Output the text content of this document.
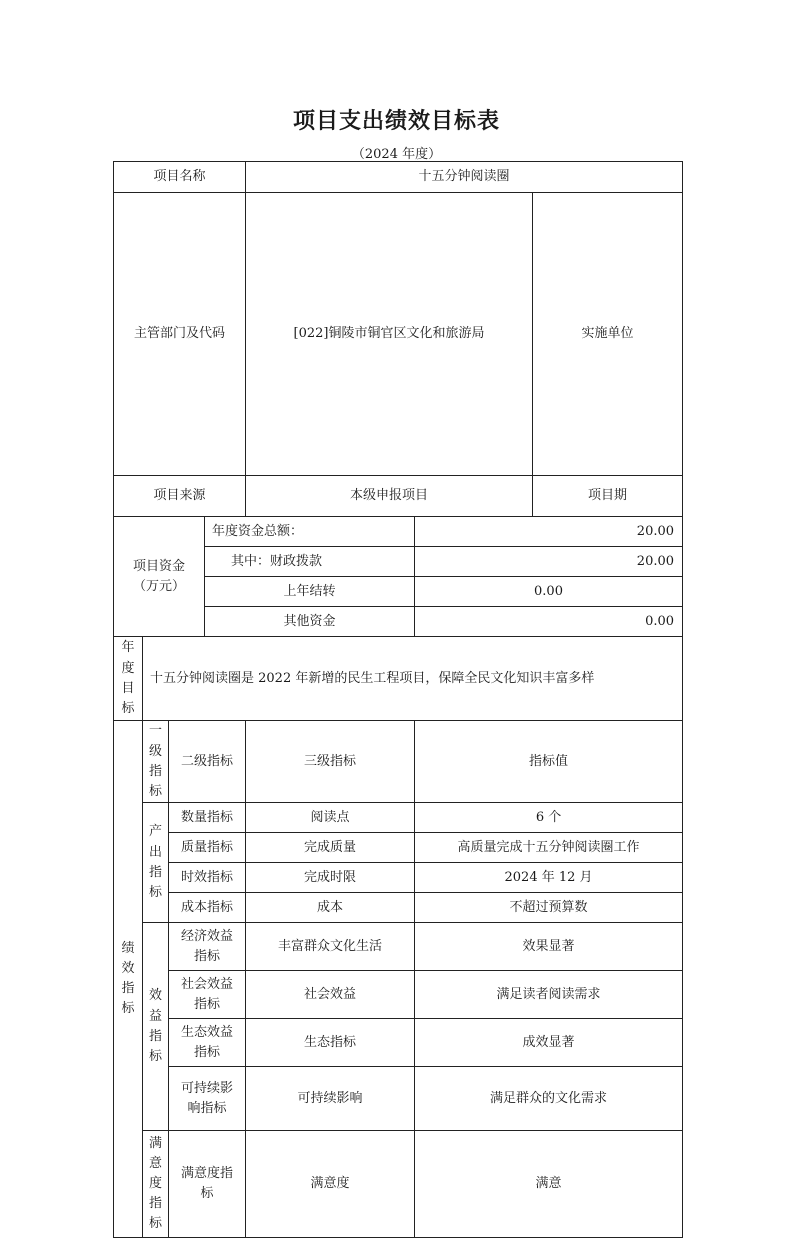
项目支出绩效目标表
（2024 年度）
项目名称				十五分钟阅读圈			
主管部门及代码				[022]铜陵市铜官区文化和旅游局		实施单位	
项目来源				本级申报项目		项目期	
项目资金（万元）			年度资金总额：		20.00		
			其中：财政拨款		20.00		
			上年结转		0.00		
			其他资金		0.00		

年度目标	十五分钟阅读圈是 2022 年新增的民生工程项目，保障全民文化知识丰富多样						

绩效指标	一级指标	二级指标		三级指标	指标值		

	产出指标	数量指标		阅读点	6 个		
		质量指标		完成质量	高质量完成十五分钟阅读圈工作		
		时效指标		完成时限	2024 年 12 月		
		成本指标		成本	不超过预算数		

	效益指标	经济效益指标		丰富群众文化生活	效果显著		
		社会效益指标		社会效益	满足读者阅读需求		
		生态效益指标		生态指标	成效显著		
		可持续影响指标		可持续影响	满足群众的文化需求		

	满意度指标	满意度指标		满意度	满意		
